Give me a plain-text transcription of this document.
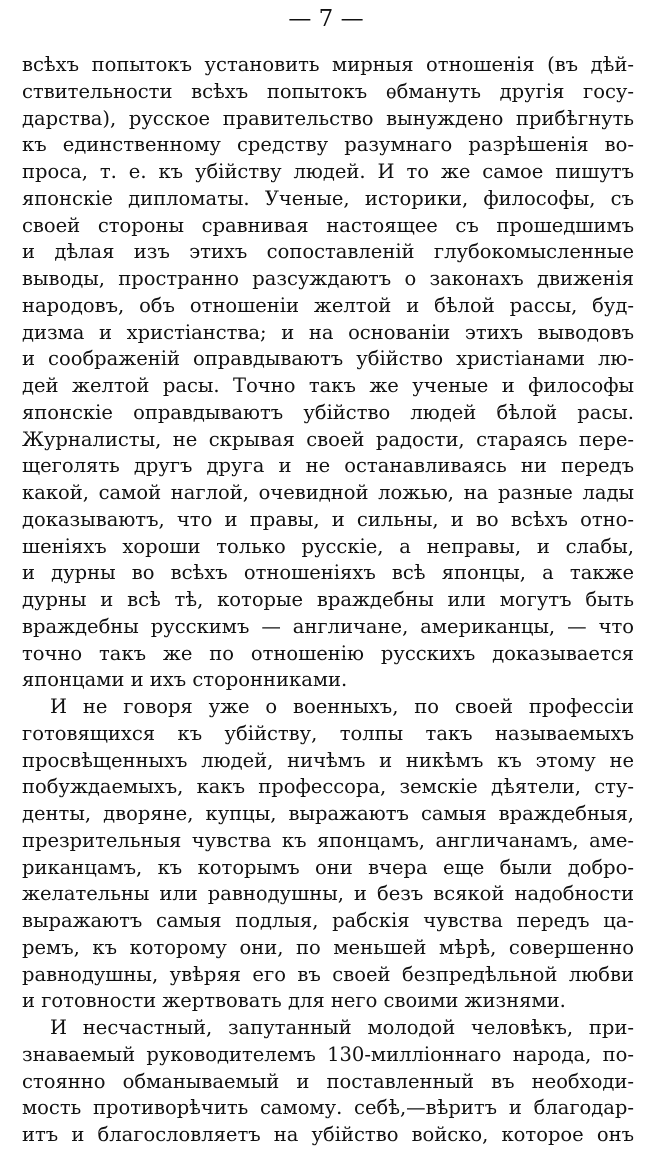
— 7 —
всѣхъ попытокъ установить мирныя отношенія (въ дѣй-
ствительности всѣхъ попытокъ ѳбмануть другія госу-
дарства), русское правительство вынуждено прибѣгнуть
къ единственному средству разумнаго разрѣшенія во-
проса, т. е. къ убійству людей. И то же самое пишутъ
японскіе дипломаты. Ученые, историки, философы, съ
своей стороны сравнивая настоящее съ прошедшимъ
и дѣлая изъ этихъ сопоставленій глубокомысленные
выводы, пространно разсуждаютъ о законахъ движенія
народовъ, объ отношеніи желтой и бѣлой рассы, буд-
дизма и христіанства; и на основаніи этихъ выводовъ
и соображеній оправдываютъ убійство христіанами лю-
дей желтой расы. Точно такъ же ученые и философы
японскіе оправдываютъ убійство людей бѣлой расы.
Журналисты, не скрывая своей радости, стараясь пере-
щеголять другъ друга и не останавливаясь ни передъ
какой, самой наглой, очевидной ложью, на разные лады
доказываютъ, что и правы, и сильны, и во всѣхъ отно-
шеніяхъ хороши только русскіе, а неправы, и слабы,
и дурны во всѣхъ отношеніяхъ всѣ японцы, а также
дурны и всѣ тѣ, которые враждебны или могутъ быть
враждебны русскимъ — англичане, американцы, — что
точно такъ же по отношенію русскихъ доказывается
японцами и ихъ сторонниками.
И не говоря уже о военныхъ, по своей профессіи
готовящихся къ убійству, толпы такъ называемыхъ
просвѣщенныхъ людей, ничѣмъ и никѣмъ къ этому не
побуждаемыхъ, какъ профессора, земскіе дѣятели, сту-
денты, дворяне, купцы, выражаютъ самыя враждебныя,
презрительныя чувства къ японцамъ, англичанамъ, аме-
риканцамъ, къ которымъ они вчера еще были добро-
желательны или равнодушны, и безъ всякой надобности
выражаютъ самыя подлыя, рабскія чувства передъ ца-
ремъ, къ которому они, по меньшей мѣрѣ, совершенно
равнодушны, увѣряя его въ своей безпредѣльной любви
и готовности жертвовать для него своими жизнями.
И несчастный, запутанный молодой человѣкъ, при-
знаваемый руководителемъ 130-милліоннаго народа, по-
стоянно обманываемый и поставленный въ необходи-
мость противорѣчить самому. себѣ,—вѣритъ и благодар-
итъ и благословляетъ на убійство войско, которое онъ
